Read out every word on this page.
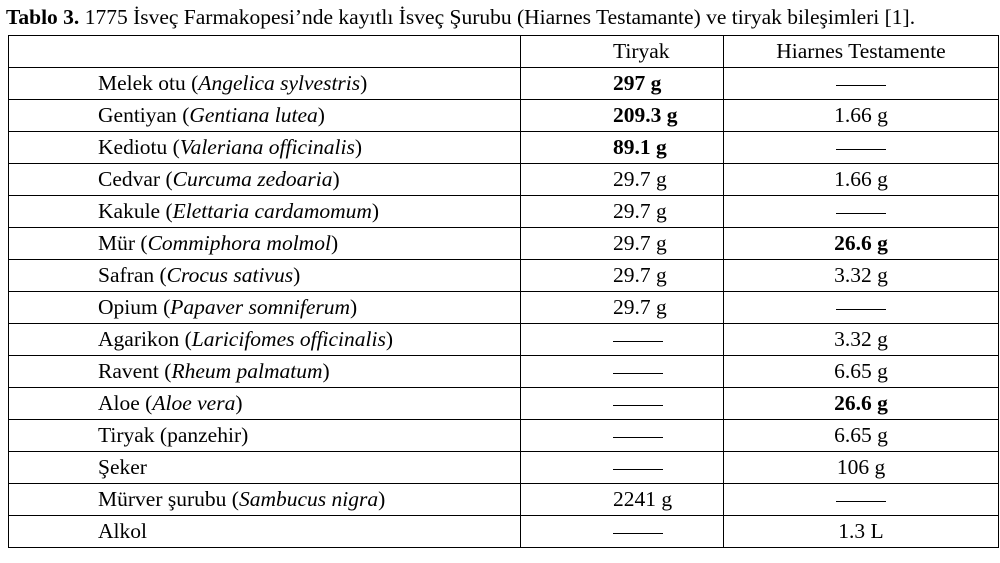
Tablo 3. 1775 İsveç Farmakopesi’nde kayıtlı İsveç Şurubu (Hiarnes Testamante) ve tiryak bileşimleri [1].
	Tiryak	Hiarnes Testamente
Melek otu (Angelica sylvestris)	297 g	
Gentiyan (Gentiana lutea)	209.3 g	1.66 g
Kediotu (Valeriana officinalis)	89.1 g	
Cedvar (Curcuma zedoaria)	29.7 g	1.66 g
Kakule (Elettaria cardamomum)	29.7 g	
Mür (Commiphora molmol)	29.7 g	26.6 g
Safran (Crocus sativus)	29.7 g	3.32 g
Opium (Papaver somniferum)	29.7 g	
Agarikon (Laricifomes officinalis)		3.32 g
Ravent (Rheum palmatum)		6.65 g
Aloe (Aloe vera)		26.6 g
Tiryak (panzehir)		6.65 g
Şeker		106 g
Mürver şurubu (Sambucus nigra)	2241 g	
Alkol		1.3 L
